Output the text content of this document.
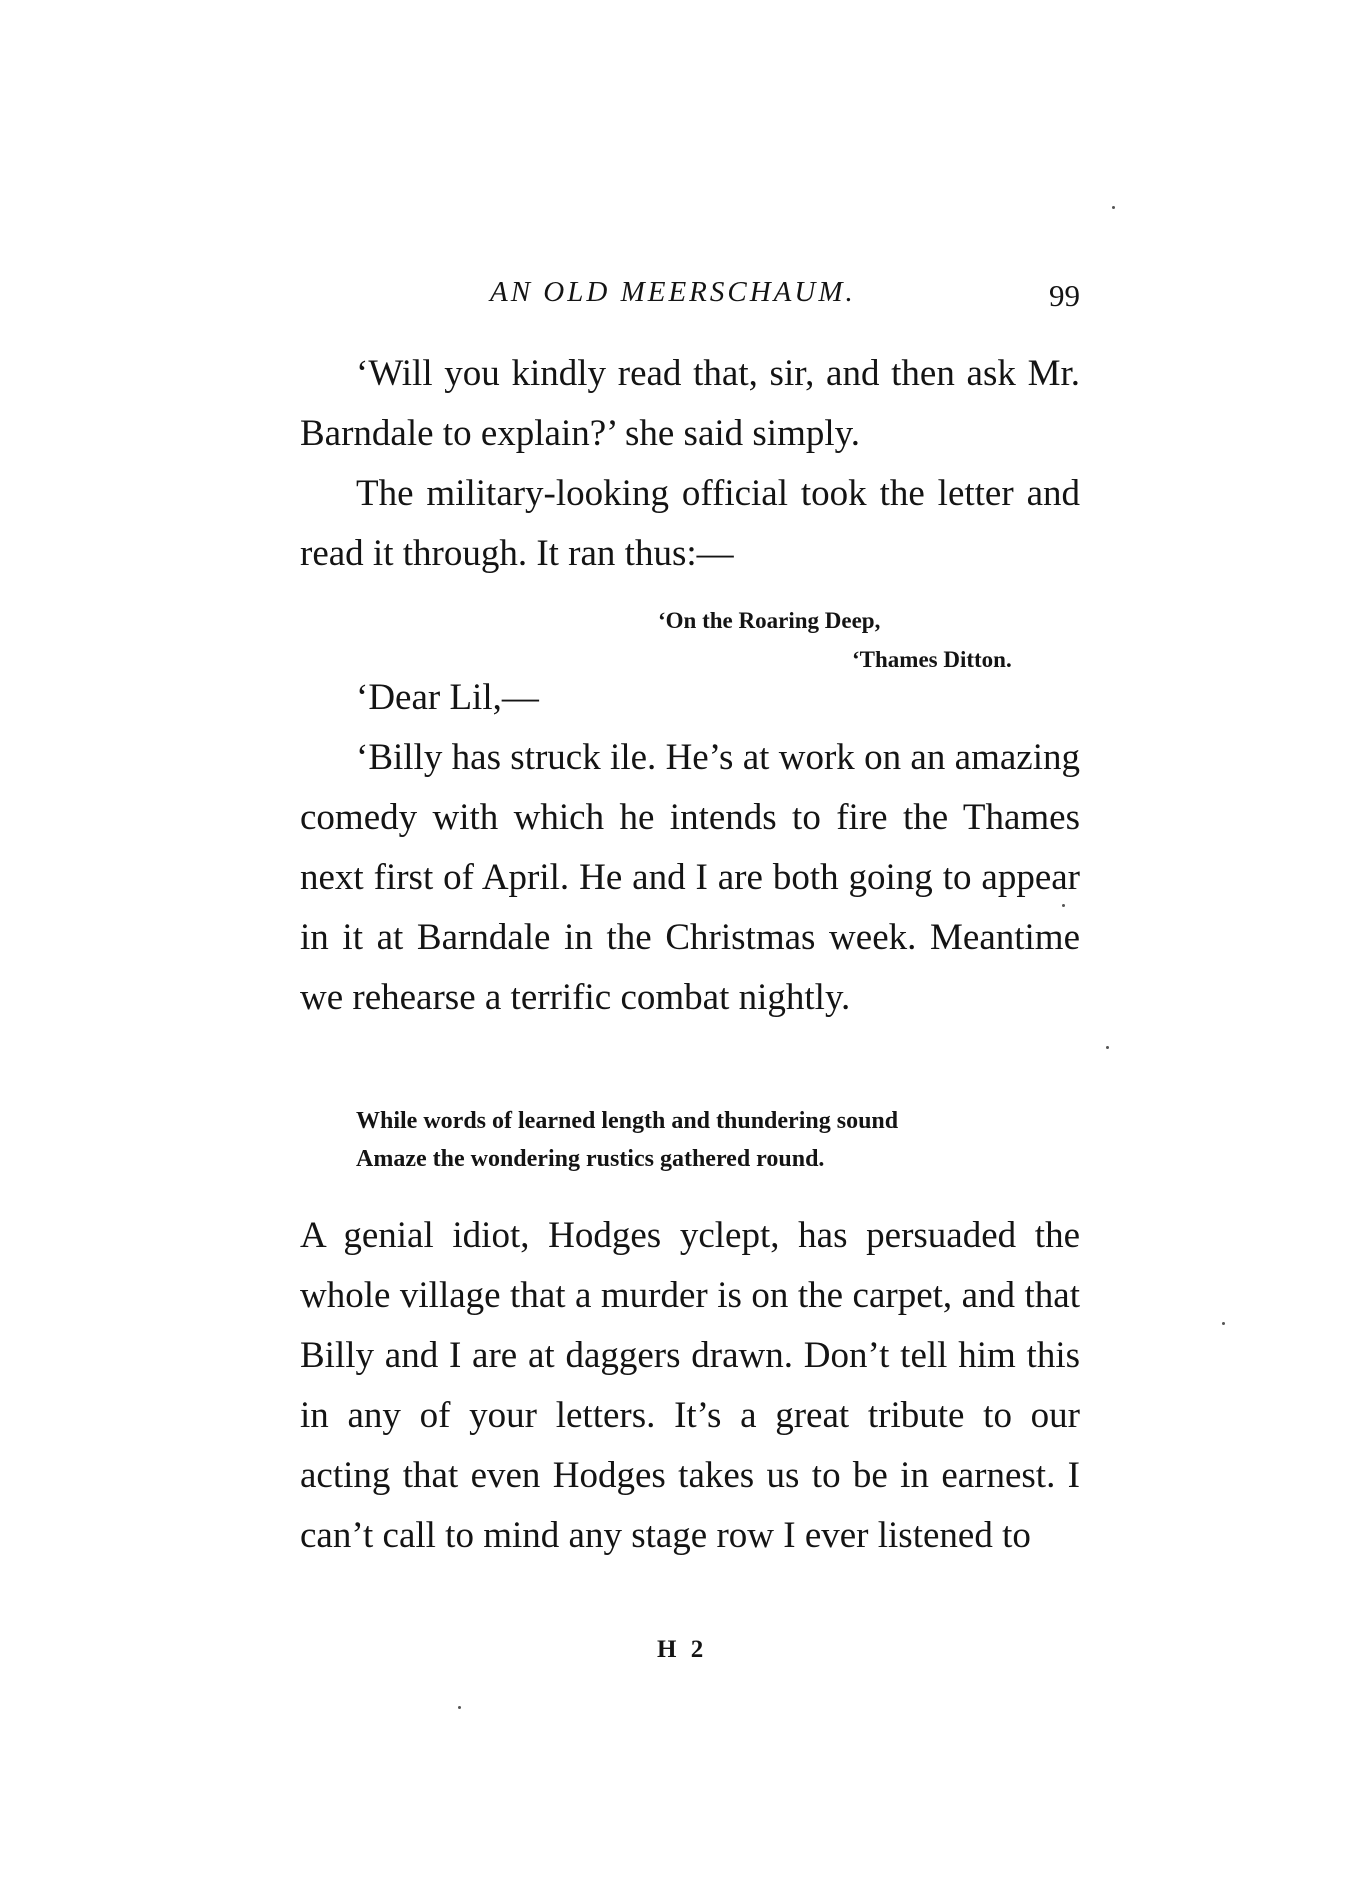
AN OLD MEERSCHAUM.	99

‘Will you kindly read that, sir, and then ask Mr. Barndale to explain?’ she said simply.

The military-looking official took the letter and read it through. It ran thus:—

‘On the Roaring Deep,
‘Thames Ditton.

‘Dear Lil,—

‘Billy has struck ile. He’s at work on an amazing comedy with which he intends to fire the Thames next first of April. He and I are both going to appear in it at Barndale in the Christmas week. Meantime we rehearse a terrific combat nightly.

While words of learned length and thundering sound
Amaze the wondering rustics gathered round.

A genial idiot, Hodges yclept, has persuaded the whole village that a murder is on the carpet, and that Billy and I are at daggers drawn. Don’t tell him this in any of your letters. It’s a great tribute to our acting that even Hodges takes us to be in earnest. I can’t call to mind any stage row I ever listened to

H 2
